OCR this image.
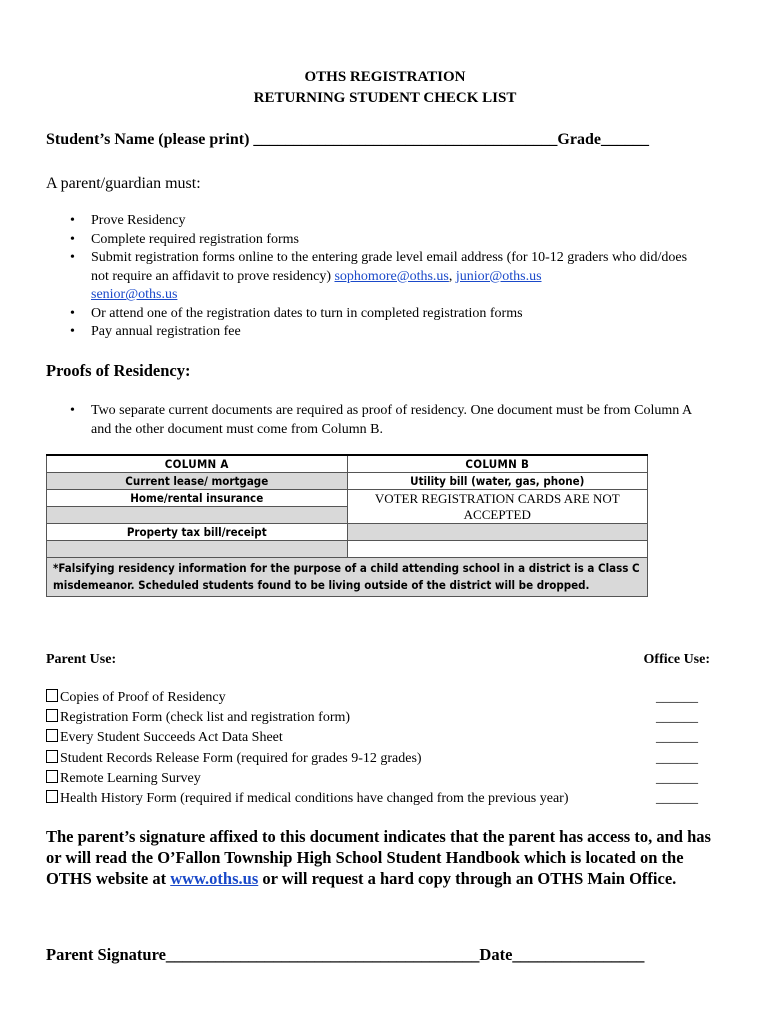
OTHS REGISTRATION
RETURNING STUDENT CHECK LIST
Student’s Name (please print) ______________________________________Grade______
A parent/guardian must:
• Prove Residency
• Complete required registration forms
• Submit registration forms online to the entering grade level email address (for 10-12 graders who did/does not require an affidavit to prove residency) sophomore@oths.us, junior@oths.us
senior@oths.us
• Or attend one of the registration dates to turn in completed registration forms
• Pay annual registration fee
Proofs of Residency:
• Two separate current documents are required as proof of residency. One document must be from Column A and the other document must come from Column B.
COLUMN A	COLUMN B
Current lease/ mortgage	Utility bill (water, gas, phone)
Home/rental insurance	VOTER REGISTRATION CARDS ARE NOT ACCEPTED

Property tax bill/receipt	

*Falsifying residency information for the purpose of a child attending school in a district is a Class C misdemeanor. Scheduled students found to be living outside of the district will be dropped.	
Parent Use:	Office Use:
Copies of Proof of Residency	______
Registration Form (check list and registration form)	______
Every Student Succeeds Act Data Sheet	______
Student Records Release Form (required for grades 9-12 grades)	______
Remote Learning Survey	______
Health History Form (required if medical conditions have changed from the previous year)	______
The parent’s signature affixed to this document indicates that the parent has access to, and has or will read the O’Fallon Township High School Student Handbook which is located on the OTHS website at www.oths.us or will request a hard copy through an OTHS Main Office.
Parent Signature______________________________________Date________________
